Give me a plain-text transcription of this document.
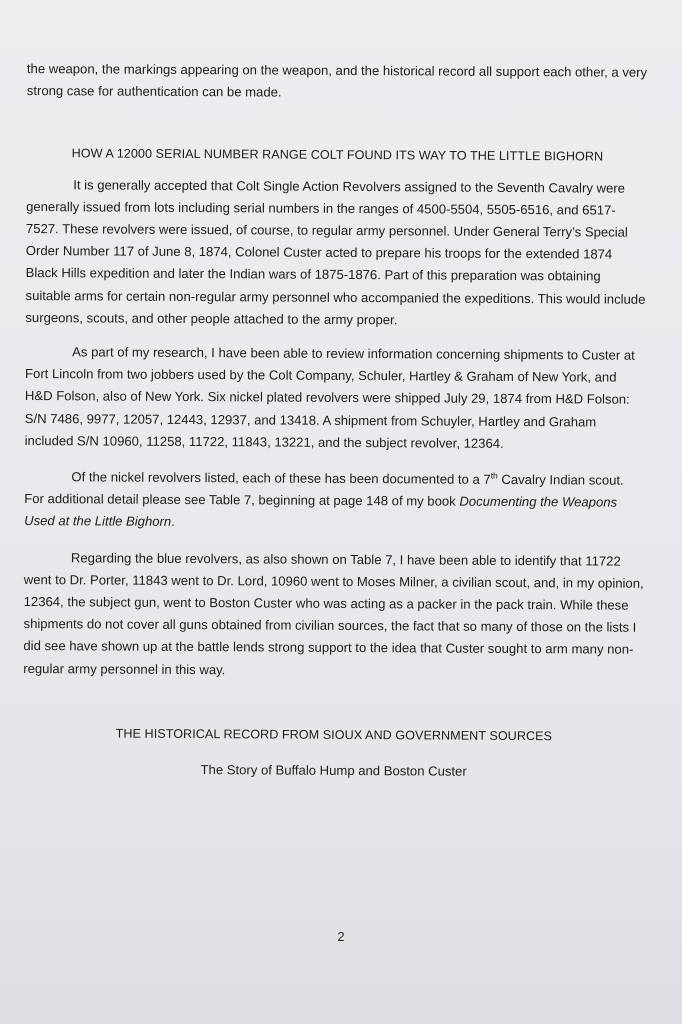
the weapon, the markings appearing on the weapon, and the historical record all support each other, a very strong case for authentication can be made.

HOW A 12000 SERIAL NUMBER RANGE COLT FOUND ITS WAY TO THE LITTLE BIGHORN

It is generally accepted that Colt Single Action Revolvers assigned to the Seventh Cavalry were generally issued from lots including serial numbers in the ranges of 4500-5504, 5505-6516, and 6517-7527. These revolvers were issued, of course, to regular army personnel. Under General Terry’s Special Order Number 117 of June 8, 1874, Colonel Custer acted to prepare his troops for the extended 1874 Black Hills expedition and later the Indian wars of 1875-1876. Part of this preparation was obtaining suitable arms for certain non-regular army personnel who accompanied the expeditions. This would include surgeons, scouts, and other people attached to the army proper.

As part of my research, I have been able to review information concerning shipments to Custer at Fort Lincoln from two jobbers used by the Colt Company, Schuler, Hartley & Graham of New York, and H&D Folson, also of New York. Six nickel plated revolvers were shipped July 29, 1874 from H&D Folson: S/N 7486, 9977, 12057, 12443, 12937, and 13418. A shipment from Schuyler, Hartley and Graham included S/N 10960, 11258, 11722, 11843, 13221, and the subject revolver, 12364.

Of the nickel revolvers listed, each of these has been documented to a 7th Cavalry Indian scout. For additional detail please see Table 7, beginning at page 148 of my book Documenting the Weapons Used at the Little Bighorn.

Regarding the blue revolvers, as also shown on Table 7, I have been able to identify that 11722 went to Dr. Porter, 11843 went to Dr. Lord, 10960 went to Moses Milner, a civilian scout, and, in my opinion, 12364, the subject gun, went to Boston Custer who was acting as a packer in the pack train. While these shipments do not cover all guns obtained from civilian sources, the fact that so many of those on the lists I did see have shown up at the battle lends strong support to the idea that Custer sought to arm many non-regular army personnel in this way.

THE HISTORICAL RECORD FROM SIOUX AND GOVERNMENT SOURCES

The Story of Buffalo Hump and Boston Custer

2
